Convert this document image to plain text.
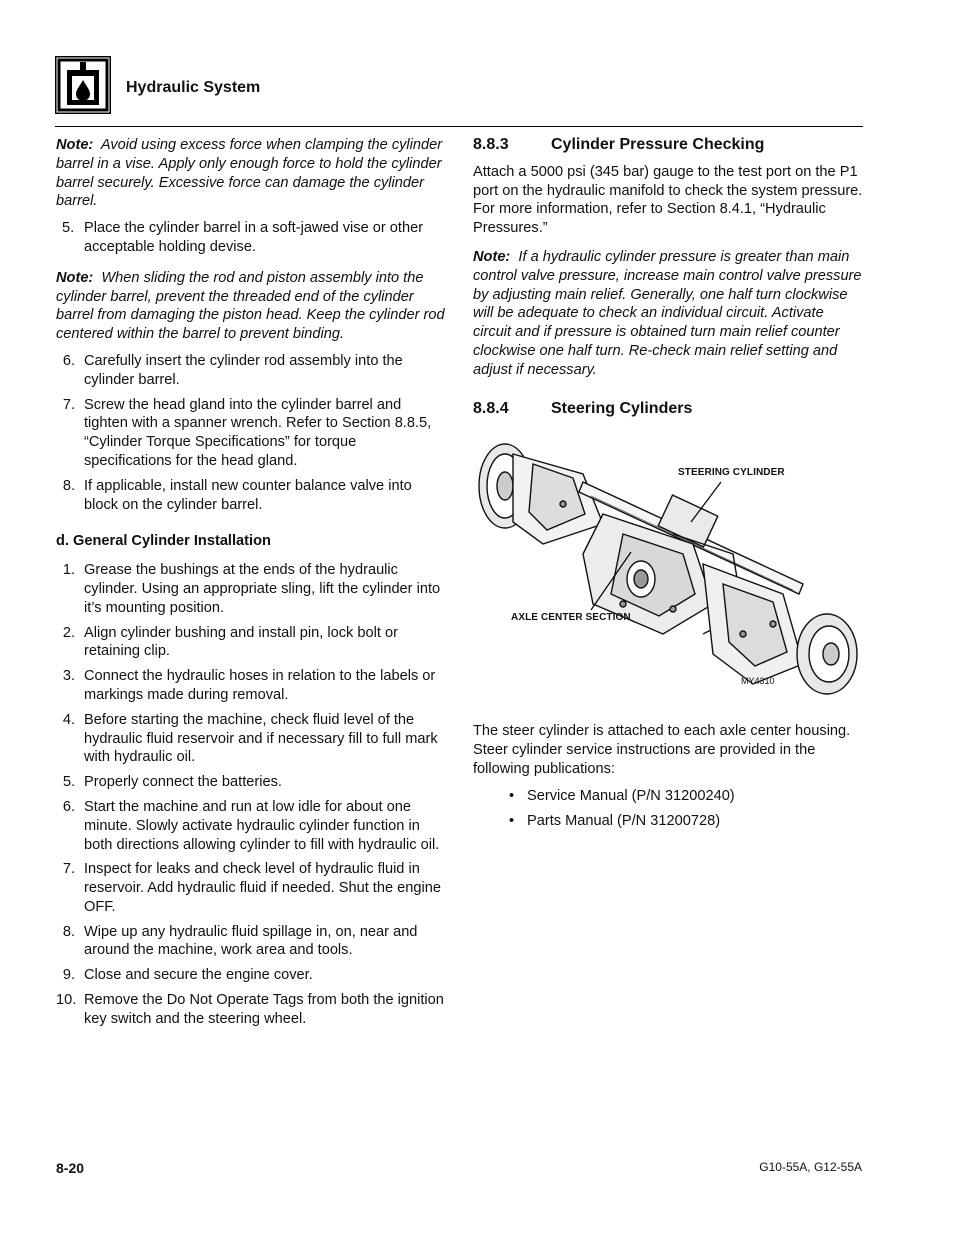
Hydraulic System
Note: Avoid using excess force when clamping the cylinder barrel in a vise. Apply only enough force to hold the cylinder barrel securely. Excessive force can damage the cylinder barrel.
5. Place the cylinder barrel in a soft-jawed vise or other acceptable holding devise.
Note: When sliding the rod and piston assembly into the cylinder barrel, prevent the threaded end of the cylinder barrel from damaging the piston head. Keep the cylinder rod centered within the barrel to prevent binding.
6. Carefully insert the cylinder rod assembly into the cylinder barrel.
7. Screw the head gland into the cylinder barrel and tighten with a spanner wrench. Refer to Section 8.8.5, “Cylinder Torque Specifications” for torque specifications for the head gland.
8. If applicable, install new counter balance valve into block on the cylinder barrel.
d. General Cylinder Installation
1. Grease the bushings at the ends of the hydraulic cylinder. Using an appropriate sling, lift the cylinder into it’s mounting position.
2. Align cylinder bushing and install pin, lock bolt or retaining clip.
3. Connect the hydraulic hoses in relation to the labels or markings made during removal.
4. Before starting the machine, check fluid level of the hydraulic fluid reservoir and if necessary fill to full mark with hydraulic oil.
5. Properly connect the batteries.
6. Start the machine and run at low idle for about one minute. Slowly activate hydraulic cylinder function in both directions allowing cylinder to fill with hydraulic oil.
7. Inspect for leaks and check level of hydraulic fluid in reservoir. Add hydraulic fluid if needed. Shut the engine OFF.
8. Wipe up any hydraulic fluid spillage in, on, near and around the machine, work area and tools.
9. Close and secure the engine cover.
10. Remove the Do Not Operate Tags from both the ignition key switch and the steering wheel.
8.8.3	Cylinder Pressure Checking

Attach a 5000 psi (345 bar) gauge to the test port on the P1 port on the hydraulic manifold to check the system pressure. For more information, refer to Section 8.4.1, “Hydraulic Pressures.”

Note: If a hydraulic cylinder pressure is greater than main control valve pressure, increase main control valve pressure by adjusting main relief. Generally, one half turn clockwise will be adequate to check an individual circuit. Activate circuit and if pressure is obtained turn main relief counter clockwise one half turn. Re-check main relief setting and adjust if necessary.
8.8.4	Steering Cylinders
STEERING CYLINDER
AXLE CENTER SECTION
MY4310

The steer cylinder is attached to each axle center housing. Steer cylinder service instructions are provided in the following publications:

• Service Manual (P/N 31200240)
• Parts Manual (P/N 31200728)
8-20	G10-55A, G12-55A
